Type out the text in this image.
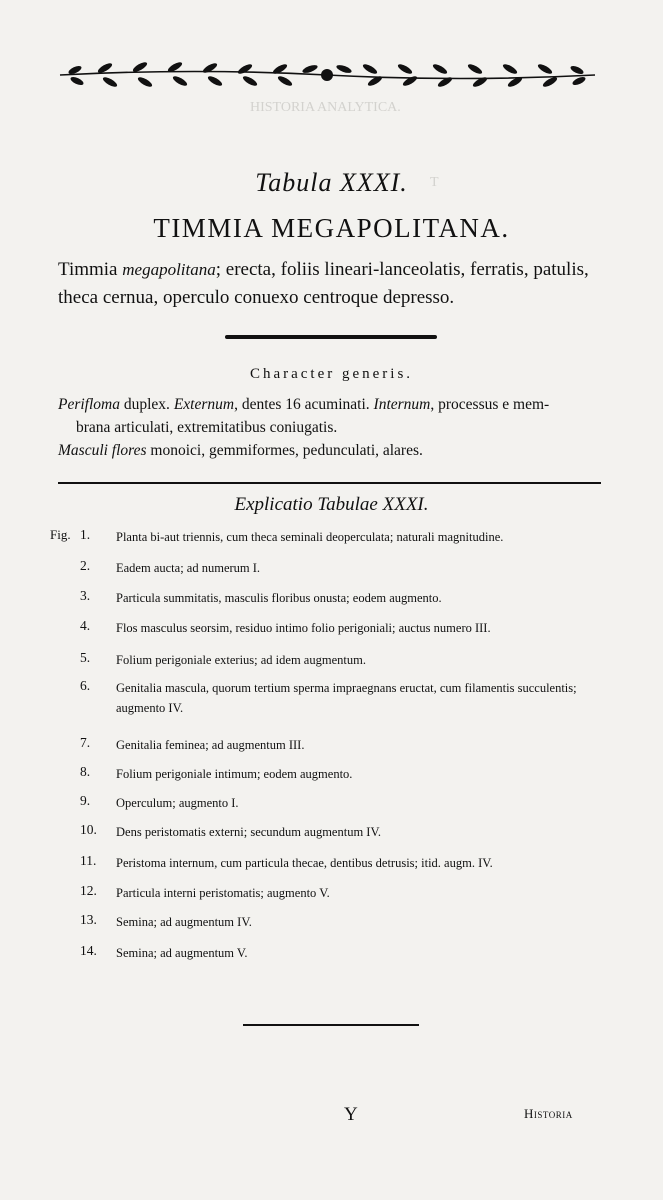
HISTORIA ANALYTICA.
T

Tabula XXXI.
TIMMIA MEGAPOLITANA.
Timmia megapolitana; erecta, foliis lineari-lanceolatis, ferratis, patulis, theca cernua, operculo conuexo centroque depresso.
Character generis.
Perifloma duplex. Externum, dentes 16 acuminati. Internum, processus e mem-
brana articulati, extremitatibus coniugatis.
Masculi flores monoici, gemmiformes, pedunculati, alares.
Explicatio Tabulae XXXI.
Fig. 1.	Planta bi-aut triennis, cum theca seminali deoperculata; naturali magnitudine.
2.	Eadem aucta; ad numerum I.
3.	Particula summitatis, masculis floribus onusta; eodem augmento.
4.	Flos masculus seorsim, residuo intimo folio perigoniali; auctus numero III.
5.	Folium perigoniale exterius; ad idem augmentum.
6.	Genitalia mascula, quorum tertium sperma impraegnans eructat, cum filamentis succulentis; augmento IV.
7.	Genitalia feminea; ad augmentum III.
8.	Folium perigoniale intimum; eodem augmento.
9.	Operculum; augmento I.
10.	Dens peristomatis externi; secundum augmentum IV.
11.	Peristoma internum, cum particula thecae, dentibus detrusis; itid. augm. IV.
12.	Particula interni peristomatis; augmento V.
13.	Semina; ad augmentum IV.
14.	Semina; ad augmentum V.
Y	Historia
